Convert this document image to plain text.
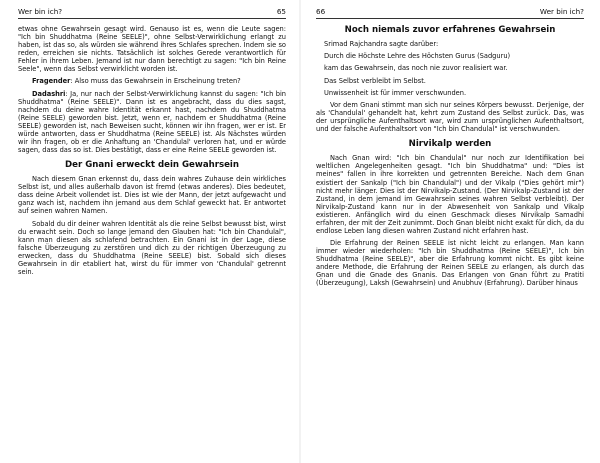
Wer bin ich?	65

etwas ohne Gewahrsein gesagt wird. Genauso ist es, wenn die Leute sagen: "Ich bin Shuddhatma (Reine SEELE)", ohne Selbst-Verwirklichung erlangt zu haben, ist das so, als würden sie während ihres Schlafes sprechen. Indem sie so reden, erreichen sie nichts. Tatsächlich ist solches Gerede verantwortlich für Fehler in ihrem Leben. Jemand ist nur dann berechtigt zu sagen: "Ich bin Reine Seele", wenn das Selbst verwirklicht worden ist.

Fragender: Also muss das Gewahrsein in Erscheinung treten?

Dadashri: Ja, nur nach der Selbst-Verwirklichung kannst du sagen: "Ich bin Shuddhatma" (Reine SEELE)". Dann ist es angebracht, dass du dies sagst, nachdem du deine wahre Identität erkannt hast, nachdem du Shuddhatma (Reine SEELE) geworden bist. Jetzt, wenn er, nachdem er Shuddhatma (Reine SEELE) geworden ist, nach Beweisen sucht, können wir ihn fragen, wer er ist. Er würde antworten, dass er Shuddhatma (Reine SEELE) ist. Als Nächstes würden wir ihn fragen, ob er die Anhaftung an 'Chandulal' verloren hat, und er würde sagen, dass das so ist. Dies bestätigt, dass er eine Reine SEELE geworden ist.

Der Gnani erweckt dein Gewahrsein

Nach diesem Gnan erkennst du, dass dein wahres Zuhause dein wirkliches Selbst ist, und alles außerhalb davon ist fremd (etwas anderes). Dies bedeutet, dass deine Arbeit vollendet ist. Dies ist wie der Mann, der jetzt aufgewacht und ganz wach ist, nachdem ihn jemand aus dem Schlaf geweckt hat. Er antwortet auf seinen wahren Namen.

Sobald du dir deiner wahren Identität als die reine Selbst bewusst bist, wirst du erwacht sein. Doch so lange jemand den Glauben hat: "Ich bin Chandulal", kann man diesen als schlafend betrachten. Ein Gnani ist in der Lage, diese falsche Überzeugung zu zerstören und dich zu der richtigen Überzeugung zu erwecken, dass du Shuddhatma (Reine SEELE) bist. Sobald sich dieses Gewahrsein in dir etabliert hat, wirst du für immer von 'Chandulal' getrennt sein.

66	Wer bin ich?
Noch niemals zuvor erfahrenes Gewahrsein

Srimad Rajchandra sagte darüber:

Durch die Höchste Lehre des Höchsten Gurus (Sadguru)

kam das Gewahrsein, das noch nie zuvor realisiert war.

Das Selbst verbleibt im Selbst.

Unwissenheit ist für immer verschwunden.

Vor dem Gnani stimmt man sich nur seines Körpers bewusst. Derjenige, der als 'Chandulal' gehandelt hat, kehrt zum Zustand des Selbst zurück. Das, was der ursprüngliche Aufenthaltsort war, wird zum ursprünglichen Aufenthaltsort, und der falsche Aufenthaltsort von "Ich bin Chandulal" ist verschwunden.

Nirvikalp werden

Nach Gnan wird: "Ich bin Chandulal" nur noch zur Identifikation bei weltlichen Angelegenheiten gesagt. "Ich bin Shuddhatma" und: "Dies ist meines" fallen in ihre korrekten und getrennten Bereiche. Nach dem Gnan existiert der Sankalp ("Ich bin Chandulal") und der Vikalp ("Dies gehört mir") nicht mehr länger. Dies ist der Nirvikalp-Zustand. (Der Nirvikalp-Zustand ist der Zustand, in dem jemand im Gewahrsein seines wahren Selbst verbleibt). Der Nirvikalp-Zustand kann nur in der Abwesenheit von Sankalp und Vikalp existieren. Anfänglich wird du einen Geschmack dieses Nirvikalp Samadhi erfahren, der mit der Zeit zunimmt. Doch Gnan bleibt nicht exakt für dich, da du endlose Leben lang diesen wahren Zustand nicht erfahren hast.

Die Erfahrung der Reinen SEELE ist nicht leicht zu erlangen. Man kann immer wieder wiederholen: "Ich bin Shuddhatma (Reine SEELE)", Ich bin Shuddhatma (Reine SEELE)", aber die Erfahrung kommt nicht. Es gibt keine andere Methode, die Erfahrung der Reinen SEELE zu erlangen, als durch das Gnan und die Gnade des Gnanis. Das Erlangen von Gnan führt zu Pratiti (Überzeugung), Laksh (Gewahrsein) und Anubhuv (Erfahrung). Darüber hinaus
